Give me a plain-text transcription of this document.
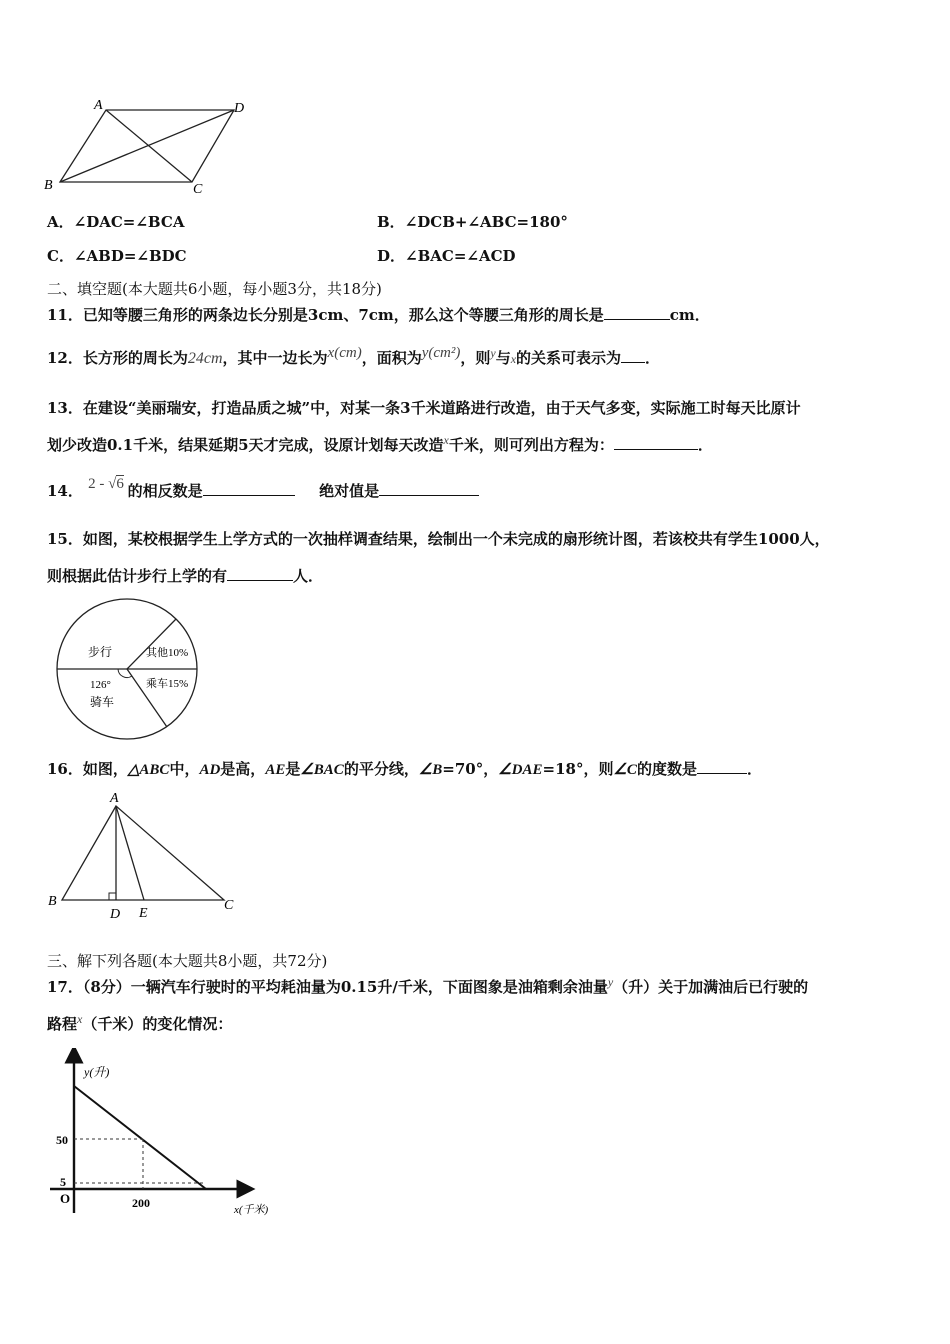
A	D
B	C
A．∠DAC=∠BCA	B．∠DCB+∠ABC=180°
C．∠ABD=∠BDC	D．∠BAC=∠ACD
二、填空题(本大题共6小题，每小题3分，共18分)
11．已知等腰三角形的两条边长分别是3cm、7cm，那么这个等腰三角形的周长是	cm．
12．长方形的周长为24cm，其中一边长为x(cm)，面积为y(cm²)，则$^y$与x的关系可表示为 ．
13．在建设“美丽瑞安，打造品质之城”中，对某一条3千米道路进行改造，由于天气多变，实际施工时每天比原计
划少改造0.1千米，结果延期5天才完成，设原计划每天改造$^x$千米，则可列出方程为：	．
14． 2 - √6 的相反数是	绝对值是
15．如图，某校根据学生上学方式的一次抽样调查结果，绘制出一个未完成的扇形统计图，若该校共有学生1000人，
则根据此估计步行上学的有	人．
步行	其他10%
乘车15%
126°
骑车
16．如图，△ABC中，AD是高，AE是∠BAC的平分线，∠B=70°，∠DAE=18°，则∠C的度数是	．
A
B	C
D E
三、解下列各题(本大题共8小题，共72分)
17．（8分）一辆汽车行驶时的平均耗油量为0.15升/千米，下面图象是油箱剩余油量$^y$（升）关于加满油后已行驶的
路程$^x$（千米）的变化情况：
y(升)
x(千米)
O
50
5
200
